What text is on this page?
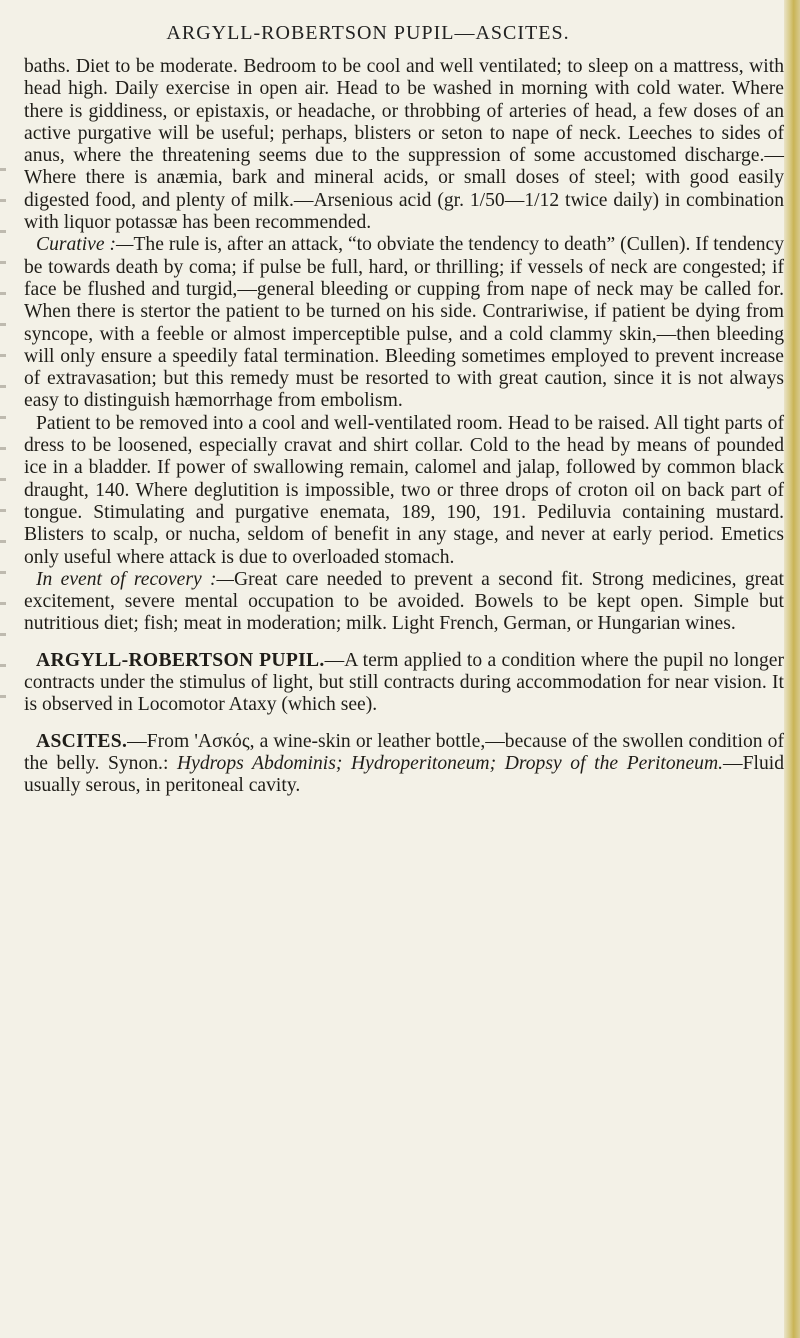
ARGYLL-ROBERTSON PUPIL—ASCITES.

baths. Diet to be moderate. Bedroom to be cool and well ventilated; to sleep on a mattress, with head high. Daily exercise in open air. Head to be washed in morning with cold water. Where there is giddiness, or epistaxis, or headache, or throbbing of arteries of head, a few doses of an active purgative will be useful; perhaps, blisters or seton to nape of neck. Leeches to sides of anus, where the threatening seems due to the suppression of some accustomed discharge.—Where there is anæmia, bark and mineral acids, or small doses of steel; with good easily digested food, and plenty of milk.—Arsenious acid (gr. 1/50—1/12 twice daily) in combination with liquor potassæ has been recommended.

Curative :—The rule is, after an attack, “to obviate the tendency to death” (Cullen). If tendency be towards death by coma; if pulse be full, hard, or thrilling; if vessels of neck are congested; if face be flushed and turgid,—general bleeding or cupping from nape of neck may be called for. When there is stertor the patient to be turned on his side. Contrariwise, if patient be dying from syncope, with a feeble or almost imperceptible pulse, and a cold clammy skin,—then bleeding will only ensure a speedily fatal termination. Bleeding sometimes employed to prevent increase of extravasation; but this remedy must be resorted to with great caution, since it is not always easy to distinguish hæmorrhage from embolism.

Patient to be removed into a cool and well-ventilated room. Head to be raised. All tight parts of dress to be loosened, especially cravat and shirt collar. Cold to the head by means of pounded ice in a bladder. If power of swallowing remain, calomel and jalap, followed by common black draught, 140. Where deglutition is impossible, two or three drops of croton oil on back part of tongue. Stimulating and purgative enemata, 189, 190, 191. Pediluvia containing mustard. Blisters to scalp, or nucha, seldom of benefit in any stage, and never at early period. Emetics only useful where attack is due to overloaded stomach.

In event of recovery :—Great care needed to prevent a second fit. Strong medicines, great excitement, severe mental occupation to be avoided. Bowels to be kept open. Simple but nutritious diet; fish; meat in moderation; milk. Light French, German, or Hungarian wines.

ARGYLL-ROBERTSON PUPIL.—A term applied to a condition where the pupil no longer contracts under the stimulus of light, but still contracts during accommodation for near vision. It is observed in Locomotor Ataxy (which see).

ASCITES.—From 'Ασκός, a wine-skin or leather bottle,—because of the swollen condition of the belly. Synon.: Hydrops Abdominis; Hydroperitoneum; Dropsy of the Peritoneum.—Fluid usually serous, in peritoneal cavity.
